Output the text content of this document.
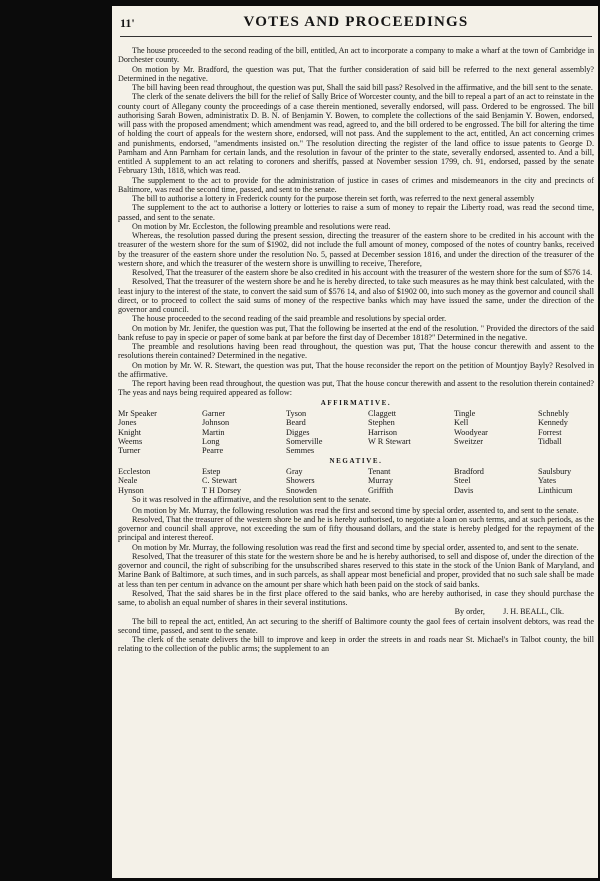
11'	VOTES AND PROCEEDINGS

The house proceeded to the second reading of the bill, entitled, An act to incorporate a company to make a wharf at the town of Cambridge in Dorchester county.

On motion by Mr. Bradford, the question was put, That the further consideration of said bill be referred to the next general assembly? Determined in the negative.

The bill having been read throughout, the question was put, Shall the said bill pass? Resolved in the affirmative, and the bill sent to the senate.

The clerk of the senate delivers the bill for the relief of Sally Brice of Worcester county, and the bill to repeal a part of an act to reinstate in the county court of Allegany county the proceedings of a case therein mentioned, severally endorsed, will pass. Ordered to be engrossed. The bill authorising Sarah Bowen, administratix D. B. N. of Benjamin Y. Bowen, to complete the collections of the said Benjamin Y. Bowen, endorsed, will pass with the proposed amendment; which amendment was read, agreed to, and the bill ordered to be engrossed. The bill for altering the time of holding the court of appeals for the western shore, endorsed, will not pass. And the supplement to the act, entitled, An act concerning crimes and punishments, endorsed, "amendments insisted on." The resolution directing the register of the land office to issue patents to George D. Parnham and Ann Parnham for certain lands, and the resolution in favour of the printer to the state, severally endorsed, assented to. And a bill, entitled A supplement to an act relating to coroners and sheriffs, passed at November session 1799, ch. 91, endorsed, passed by the senate February 13th, 1818, which was read.

The supplement to the act to provide for the administration of justice in cases of crimes and misdemeanors in the city and precincts of Baltimore, was read the second time, passed, and sent to the senate.

The bill to authorise a lottery in Frederick county for the purpose therein set forth, was referred to the next general assembly

The supplement to the act to authorise a lottery or lotteries to raise a sum of money to repair the Liberty road, was read the second time, passed, and sent to the senate.

On motion by Mr. Eccleston, the following preamble and resolutions were read.

Whereas, the resolution passed during the present session, directing the treasurer of the eastern shore to be credited in his account with the treasurer of the western shore for the sum of $1902, did not include the full amount of money, composed of the notes of country banks, received by the treasurer of the eastern shore under the resolution No. 5, passed at December session 1816, and under the direction of the treasurer of the western shore, and which the treasurer of the western shore is unwilling to receive, Therefore,

Resolved, That the treasurer of the eastern shore be also credited in his account with the treasurer of the western shore for the sum of $576 14.

Resolved, That the treasurer of the western shore be and he is hereby directed, to take such measures as he may think best calculated, with the least injury to the interest of the state, to convert the said sum of $576 14, and also of $1902 00, into such money as the governor and council shall direct, or to proceed to collect the said sums of money of the respective banks which may have issued the same, under the direction of the governor and council.

The house proceeded to the second reading of the said preamble and resolutions by special order.

On motion by Mr. Jenifer, the question was put, That the following be inserted at the end of the resolution. " Provided the directors of the said bank refuse to pay in specie or paper of some bank at par before the first day of December 1818?" Determined in the negative.

The preamble and resolutions having been read throughout, the question was put, That the house concur therewith and assent to the resolutions therein contained? Determined in the negative.

On motion by Mr. W. R. Stewart, the question was put, That the house reconsider the report on the petition of Mountjoy Bayly? Resolved in the affirmative.

The report having been read throughout, the question was put, That the house concur therewith and assent to the resolution therein contained? The yeas and nays being required appeared as follow:

AFFIRMATIVE.
Mr Speaker	Garner	Tyson	Claggett	Tingle	Schnebly
Jones	Johnson	Beard	Stephen	Kell	Kennedy
Knight	Martin	Digges	Harrison	Woodyear	Forrest
Weems	Long	Somerville	W R Stewart	Sweitzer	Tidball
Turner	Pearre	Semmes
NEGATIVE.
Eccleston	Estep	Gray	Tenant	Bradford	Saulsbury
Neale	C. Stewart	Showers	Murray	Steel	Yates
Hynson	T H Dorsey	Snowden	Griffith	Davis	Linthicum

So it was resolved in the affirmative, and the resolution sent to the senate.

On motion by Mr. Murray, the following resolution was read the first and second time by special order, assented to, and sent to the senate.

Resolved, That the treasurer of the western shore be and he is hereby authorised, to negotiate a loan on such terms, and at such periods, as the governor and council shall approve, not exceeding the sum of fifty thousand dollars, and the state is hereby pledged for the repayment of the principal and interest thereof.

On motion by Mr. Murray, the following resolution was read the first and second time by special order, assented to, and sent to the senate.

Resolved, That the treasurer of this state for the western shore be and he is hereby authorised, to sell and dispose of, under the direction of the governor and council, the right of subscribing for the unsubscribed shares reserved to this state in the stock of the Union Bank of Maryland, and Marine Bank of Baltimore, at such times, and in such parcels, as shall appear most beneficial and proper, provided that no such sale shall be made at less than ten per centum in advance on the amount per share which hath been paid on the stock of said banks.

Resolved, That the said shares be in the first place offered to the said banks, who are hereby authorised, in case they should purchase the same, to abolish an equal number of shares in their several institutions.

By order, J. H. BEALL, Clk.

The bill to repeal the act, entitled, An act securing to the sheriff of Baltimore county the gaol fees of certain insolvent debtors, was read the second time, passed, and sent to the senate.

The clerk of the senate delivers the bill to improve and keep in order the streets in and roads near St. Michael's in Talbot county, the bill relating to the collection of the public arms; the supplement to an
